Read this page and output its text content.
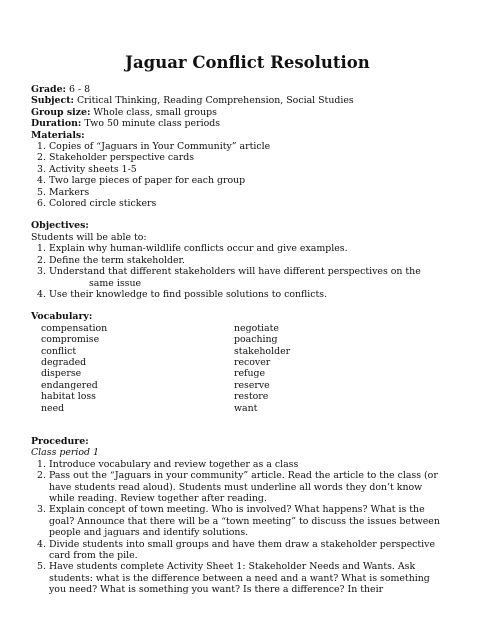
Jaguar Conflict Resolution
Grade: 6 - 8
Subject: Critical Thinking, Reading Comprehension, Social Studies
Group size: Whole class, small groups
Duration: Two 50 minute class periods
Materials:
1. Copies of “Jaguars in Your Community” article
2. Stakeholder perspective cards
3. Activity sheets 1-5
4. Two large pieces of paper for each group
5. Markers
6. Colored circle stickers
Objectives:
Students will be able to:
1. Explain why human-wildlife conflicts occur and give examples.
2. Define the term stakeholder.
3. Understand that different stakeholders will have different perspectives on the
same issue
4. Use their knowledge to find possible solutions to conflicts.
Vocabulary:
compensation
compromise
conflict
degraded
disperse
endangered
habitat loss
need
negotiate
poaching
stakeholder
recover
refuge
reserve
restore
want
Procedure:
Class period 1
1. Introduce vocabulary and review together as a class
2. Pass out the “Jaguars in your community” article. Read the article to the class (or
have students read aloud). Students must underline all words they don’t know
while reading. Review together after reading.
3. Explain concept of town meeting. Who is involved? What happens? What is the
goal? Announce that there will be a “town meeting” to discuss the issues between
people and jaguars and identify solutions.
4. Divide students into small groups and have them draw a stakeholder perspective
card from the pile.
5. Have students complete Activity Sheet 1: Stakeholder Needs and Wants. Ask
students: what is the difference between a need and a want? What is something
you need? What is something you want? Is there a difference? In their
